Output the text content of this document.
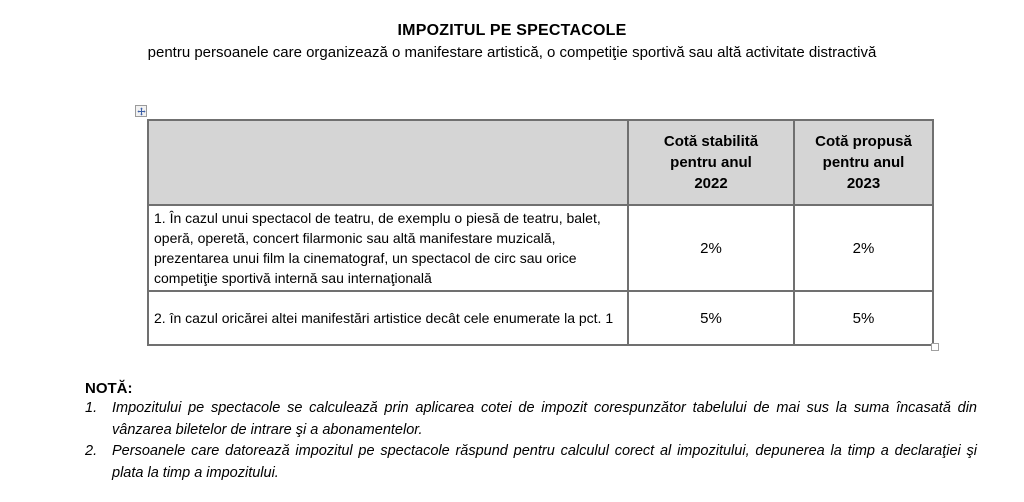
IMPOZITUL PE SPECTACOLE
pentru persoanele care organizează o manifestare artistică, o competiţie sportivă sau altă activitate distractivă

	Cotă stabilită
pentru anul
2022	Cotă propusă
pentru anul
2023

1. În cazul unui spectacol de teatru, de exemplu o piesă de teatru, balet, operă, operetă, concert filarmonic sau altă manifestare muzicală, prezentarea unui film la cinematograf, un spectacol de circ sau orice competiţie sportivă internă sau internaţională	2%	2%
2. în cazul oricărei altei manifestări artistice decât cele enumerate la pct. 1	5%	5%
NOTĂ:
1.	Impozitului pe spectacole se calculează prin aplicarea cotei de impozit corespunzător tabelului de mai sus la suma încasată din vânzarea biletelor de intrare şi a abonamentelor.
2.	Persoanele care datorează impozitul pe spectacole răspund pentru calculul corect al impozitului, depunerea la timp a declaraţiei şi plata la timp a impozitului.
